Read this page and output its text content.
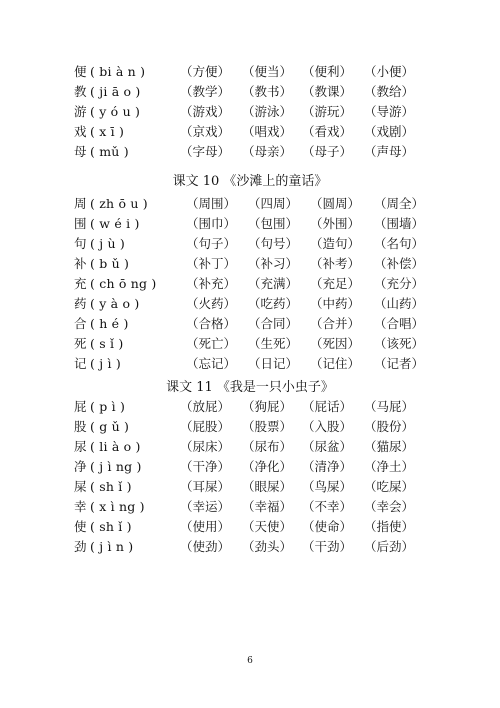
便 ( bi à n )	（方便） （便当） （便利） （小便）
教 ( ji ā o )	（教学） （教书） （教课） （教给）
游 ( y ó u )	（游戏） （游泳） （游玩） （导游）
戏 ( x ī )	（京戏） （唱戏） （看戏） （戏剧）
母 ( mǔ )	（字母） （母亲） （母子） （声母）
课文 10 《沙滩上的童话》
周 ( zh ō u )	（周围） （四周） （圆周） （周全）
围 ( w é i )	（围巾） （包围） （外围） （围墙）
句 ( j ù )	（句子） （句号） （造句） （名句）
补 ( b ǔ )	（补丁） （补习） （补考） （补偿）
充 ( ch ō ng ) （补充） （充满） （充足） （充分）
药 ( y à o )	（火药） （吃药） （中药） （山药）
合 ( h é )	（合格） （合同） （合并） （合唱）
死 ( s ǐ )	（死亡） （生死） （死因） （该死）
记 ( j ì )	（忘记） （日记） （记住） （记者）
课文 11 《我是一只小虫子》
屁 ( p ì )	（放屁） （狗屁） （屁话） （马屁）
股 ( g ǔ )	（屁股） （股票） （入股） （股份）
尿 ( li à o )	（尿床） （尿布） （尿盆） （猫尿）
净 ( j ì ng )	（干净） （净化） （清净） （净土）
屎 ( sh ǐ )	（耳屎） （眼屎） （鸟屎） （吃屎）
幸 ( x ì ng )	（幸运） （幸福） （不幸） （幸会）
使 ( sh ǐ )	（使用） （天使） （使命） （指使）
劲 ( j ì n )	（使劲） （劲头） （干劲） （后劲）
6
